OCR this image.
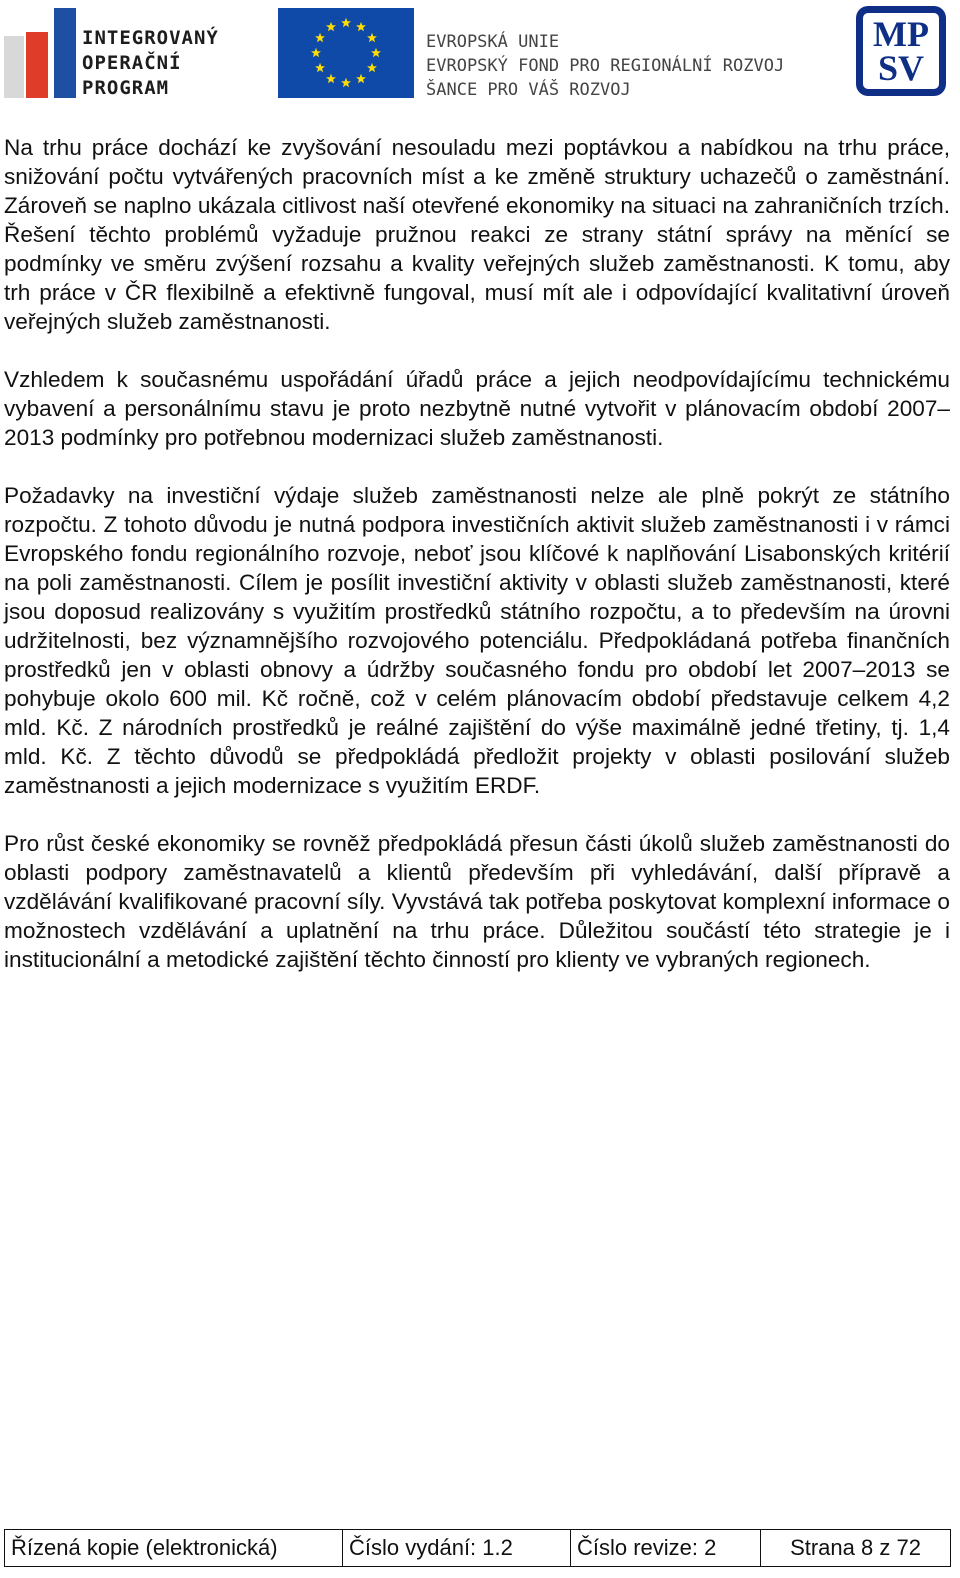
INTEGROVANÝ
OPERAČNÍ
PROGRAM
EVROPSKÁ UNIE
EVROPSKÝ FOND PRO REGIONÁLNÍ ROZVOJ
ŠANCE PRO VÁŠ ROZVOJ
MP
SV

Na trhu práce dochází ke zvyšování nesouladu mezi poptávkou a nabídkou na trhu práce, snižování počtu vytvářených pracovních míst a ke změně struktury uchazečů o zaměstnání. Zároveň se naplno ukázala citlivost naší otevřené ekonomiky na situaci na zahraničních trzích. Řešení těchto problémů vyžaduje pružnou reakci ze strany státní správy na měnící se podmínky ve směru zvýšení rozsahu a kvality veřejných služeb zaměstnanosti. K tomu, aby trh práce v ČR flexibilně a efektivně fungoval, musí mít ale i odpovídající kvalitativní úroveň veřejných služeb zaměstnanosti.

Vzhledem k současnému uspořádání úřadů práce a jejich neodpovídajícímu technickému vybavení a personálnímu stavu je proto nezbytně nutné vytvořit v plánovacím období 2007–2013 podmínky pro potřebnou modernizaci služeb zaměstnanosti.

Požadavky na investiční výdaje služeb zaměstnanosti nelze ale plně pokrýt ze státního rozpočtu. Z tohoto důvodu je nutná podpora investičních aktivit služeb zaměstnanosti i v rámci Evropského fondu regionálního rozvoje, neboť jsou klíčové k naplňování Lisabonských kritérií na poli zaměstnanosti. Cílem je posílit investiční aktivity v oblasti služeb zaměstnanosti, které jsou doposud realizovány s využitím prostředků státního rozpočtu, a to především na úrovni udržitelnosti, bez významnějšího rozvojového potenciálu. Předpokládaná potřeba finančních prostředků jen v oblasti obnovy a údržby současného fondu pro období let 2007–2013 se pohybuje okolo 600 mil. Kč ročně, což v celém plánovacím období představuje celkem 4,2 mld. Kč. Z národních prostředků je reálné zajištění do výše maximálně jedné třetiny, tj. 1,4 mld. Kč. Z těchto důvodů se předpokládá předložit projekty v oblasti posilování služeb zaměstnanosti a jejich modernizace s využitím ERDF.

Pro růst české ekonomiky se rovněž předpokládá přesun části úkolů služeb zaměstnanosti do oblasti podpory zaměstnavatelů a klientů především při vyhledávání, další přípravě a vzdělávání kvalifikované pracovní síly. Vyvstává tak potřeba poskytovat komplexní informace o možnostech vzdělávání a uplatnění na trhu práce. Důležitou součástí této strategie je i institucionální a metodické zajištění těchto činností pro klienty ve vybraných regionech.

Řízená kopie (elektronická)	Číslo vydání: 1.2	Číslo revize: 2	Strana 8 z 72
